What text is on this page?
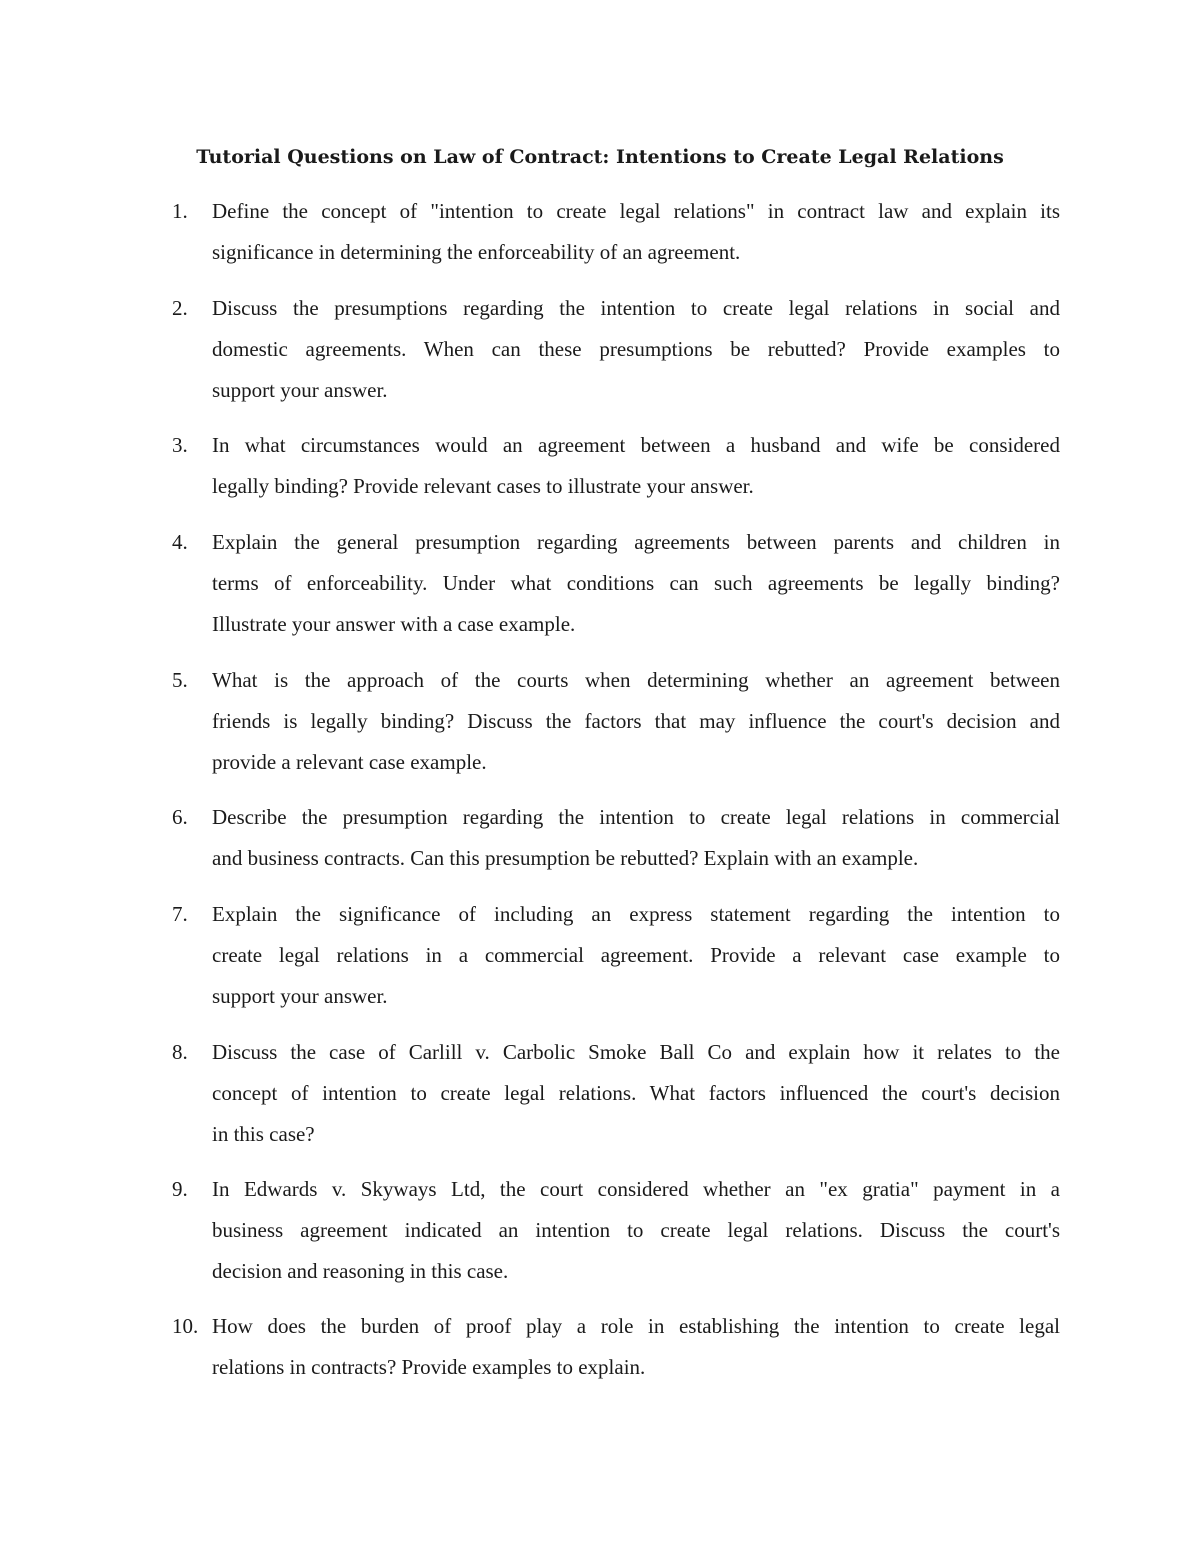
Tutorial Questions on Law of Contract: Intentions to Create Legal Relations
1.	Define the concept of "intention to create legal relations" in contract law and explain its
significance in determining the enforceability of an agreement.
2.	Discuss the presumptions regarding the intention to create legal relations in social and
domestic agreements. When can these presumptions be rebutted? Provide examples to
support your answer.
3.	In what circumstances would an agreement between a husband and wife be considered
legally binding? Provide relevant cases to illustrate your answer.
4.	Explain the general presumption regarding agreements between parents and children in
terms of enforceability. Under what conditions can such agreements be legally binding?
Illustrate your answer with a case example.
5.	What is the approach of the courts when determining whether an agreement between
friends is legally binding? Discuss the factors that may influence the court's decision and
provide a relevant case example.
6.	Describe the presumption regarding the intention to create legal relations in commercial
and business contracts. Can this presumption be rebutted? Explain with an example.
7.	Explain the significance of including an express statement regarding the intention to
create legal relations in a commercial agreement. Provide a relevant case example to
support your answer.
8.	Discuss the case of Carlill v. Carbolic Smoke Ball Co and explain how it relates to the
concept of intention to create legal relations. What factors influenced the court's decision
in this case?
9.	In Edwards v. Skyways Ltd, the court considered whether an "ex gratia" payment in a
business agreement indicated an intention to create legal relations. Discuss the court's
decision and reasoning in this case.
10. How does the burden of proof play a role in establishing the intention to create legal
relations in contracts? Provide examples to explain.
